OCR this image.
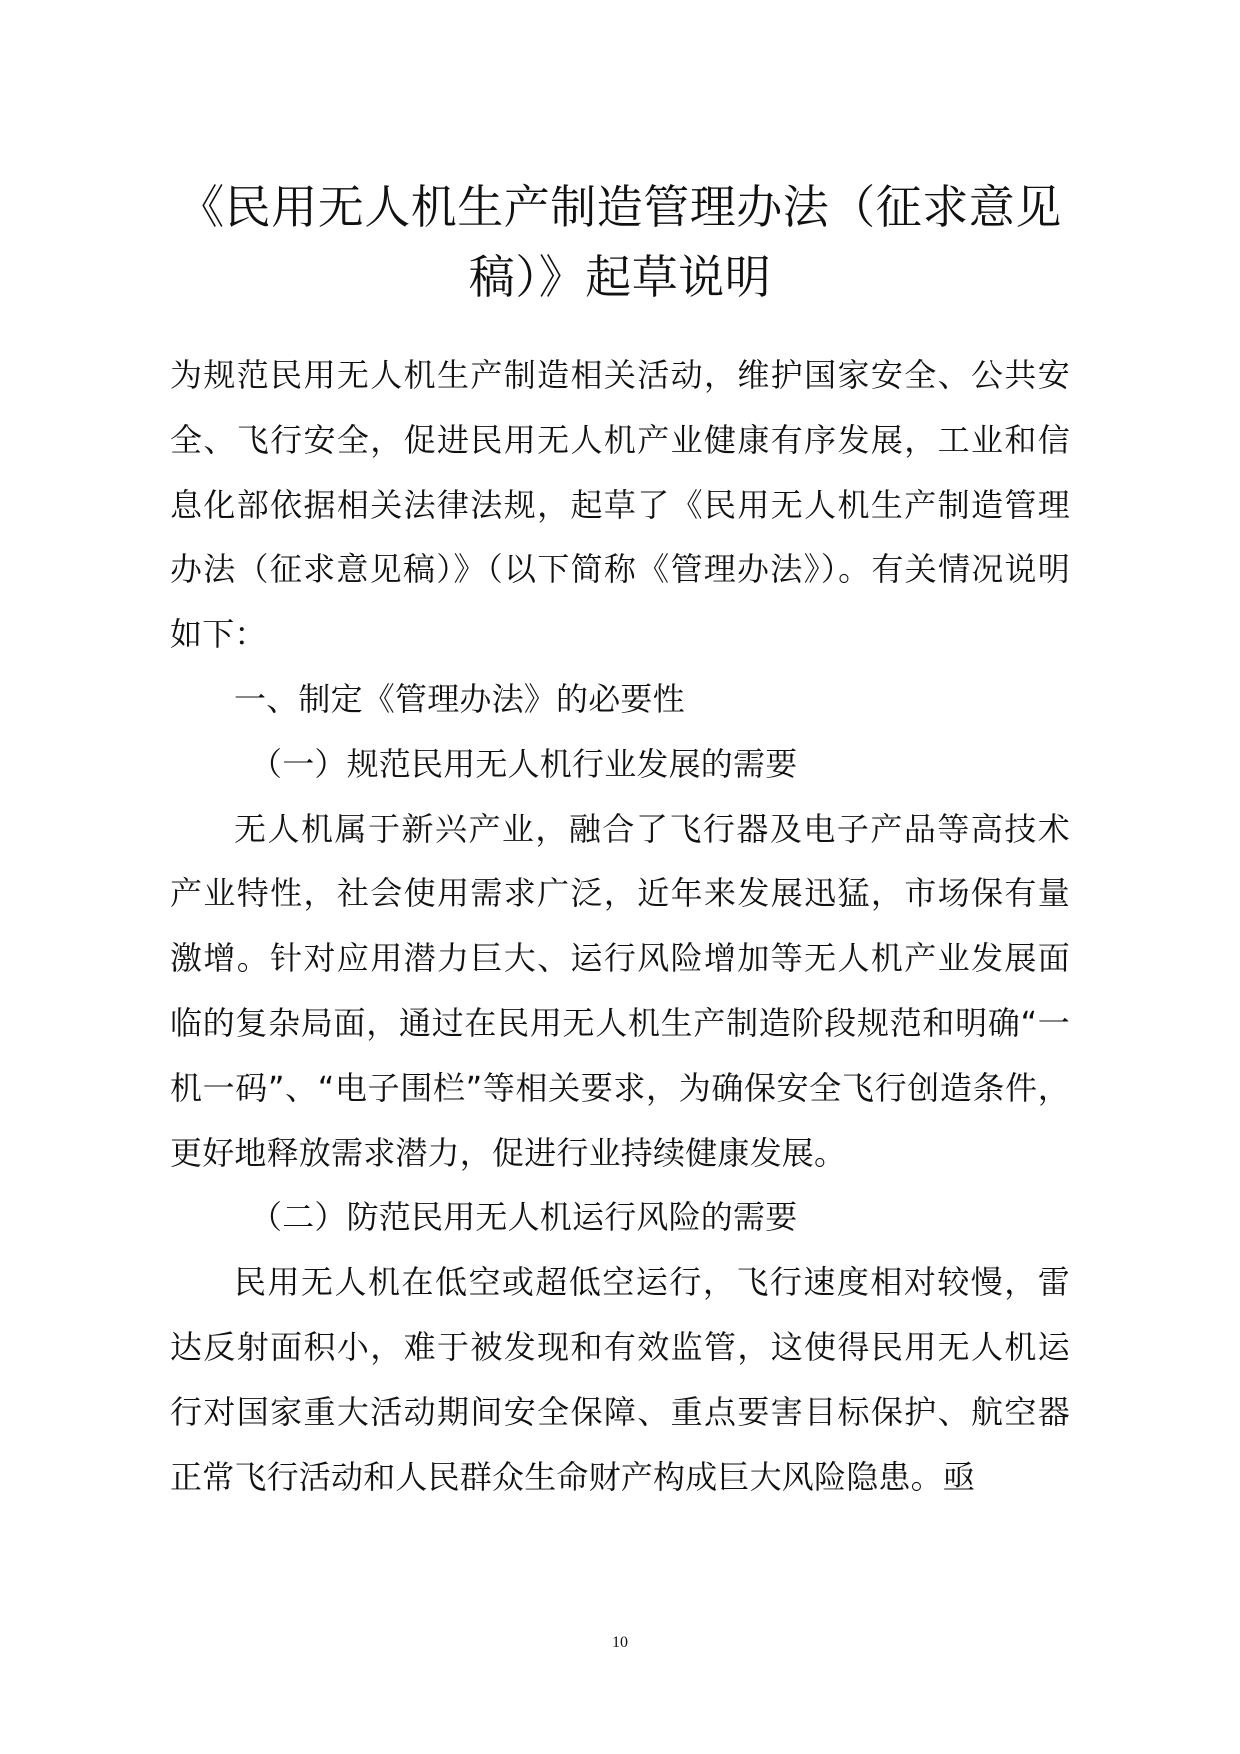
《民用无人机生产制造管理办法（征求意见稿）》起草说明

为规范民用无人机生产制造相关活动，维护国家安全、公共安全、飞行安全，促进民用无人机产业健康有序发展，工业和信息化部依据相关法律法规，起草了《民用无人机生产制造管理办法（征求意见稿）》（以下简称《管理办法》）。有关情况说明如下：

一、制定《管理办法》的必要性

（一）规范民用无人机行业发展的需要

无人机属于新兴产业，融合了飞行器及电子产品等高技术产业特性，社会使用需求广泛，近年来发展迅猛，市场保有量激增。针对应用潜力巨大、运行风险增加等无人机产业发展面临的复杂局面，通过在民用无人机生产制造阶段规范和明确“一机一码”、“电子围栏”等相关要求，为确保安全飞行创造条件，更好地释放需求潜力，促进行业持续健康发展。

（二）防范民用无人机运行风险的需要

民用无人机在低空或超低空运行，飞行速度相对较慢，雷达反射面积小，难于被发现和有效监管，这使得民用无人机运行对国家重大活动期间安全保障、重点要害目标保护、航空器正常飞行活动和人民群众生命财产构成巨大风险隐患。亟

10
